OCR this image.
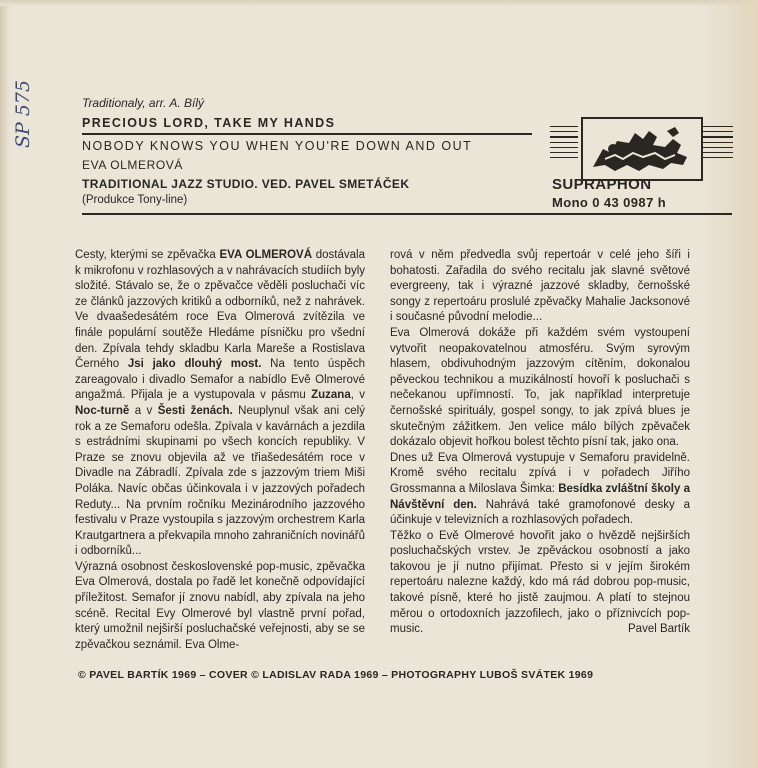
SP 575	Traditionaly, arr. A. Bílý

PRECIOUS LORD, TAKE MY HANDS
NOBODY KNOWS YOU WHEN YOU'RE DOWN AND OUT
EVA OLMEROVÁ
TRADITIONAL JAZZ STUDIO. VED. PAVEL SMETÁČEK
(Produkce Tony-line)
SUPRAPHON
Mono 0 43 0987 h

Cesty, kterými se zpěvačka EVA OLMEROVÁ dostávala k mikrofonu v rozhlasových a v nahrávacích studiích byly složité. Stávalo se, že o zpěvačce věděli posluchači víc ze článků jazzových kritiků a odborníků, než z nahrávek. Ve dvaašedesátém roce Eva Olmerová zvítězila ve finále populární soutěže Hledáme písničku pro všední den. Zpívala tehdy skladbu Karla Mareše a Rostislava Černého Jsi jako dlouhý most. Na tento úspěch zareagovalo i divadlo Semafor a nabídlo Evě Olmerové angažmá. Přijala je a vystupovala v pásmu Zuzana, v Noc-turně a v Šesti ženách. Neuplynul však ani celý rok a ze Semaforu odešla. Zpívala v kavárnách a jezdila s estrádními skupinami po všech koncích republiky. V Praze se znovu objevila až ve třiašedesátém roce v Divadle na Zábradlí. Zpívala zde s jazzovým triem Miši Poláka. Navíc občas účinkovala i v jazzových pořadech Reduty... Na prvním ročníku Mezinárodního jazzového festivalu v Praze vystoupila s jazzovým orchestrem Karla Krautgartnera a překvapila mnoho zahraničních novinářů i odborníků...
Výrazná osobnost československé pop-music, zpěvačka Eva Olmerová, dostala po řadě let konečně odpovídající příležitost. Semafor jí znovu nabídl, aby zpívala na jeho scéně. Recital Evy Olmerové byl vlastně první pořad, který umožnil nejširší posluchačské veřejnosti, aby se se zpěvačkou seznámil. Eva Olme-

rová v něm předvedla svůj repertoár v celé jeho šíři i bohatosti. Zařadila do svého recitalu jak slavné světové evergreeny, tak i výrazné jazzové skladby, černošské songy z repertoáru proslulé zpěvačky Mahalie Jacksonové i současné původní melodie...
Eva Olmerová dokáže při každém svém vystoupení vytvořit neopakovatelnou atmosféru. Svým syrovým hlasem, obdivuhodným jazzovým cítěním, dokonalou pěveckou technikou a muzikálností hovoří k posluchači s nečekanou upřímností. To, jak například interpretuje černošské spirituály, gospel songy, to jak zpívá blues je skutečným zážitkem. Jen velice málo bílých zpěvaček dokázalo objevit hořkou bolest těchto písní tak, jako ona.
Dnes už Eva Olmerová vystupuje v Semaforu pravidelně. Kromě svého recitalu zpívá i v pořadech Jiřího Grossmanna a Miloslava Šimka: Besídka zvláštní školy a Návštěvní den. Nahrává také gramofonové desky a účinkuje v televizních a rozhlasových pořadech.
Těžko o Evě Olmerové hovořit jako o hvězdě nejširších posluchačských vrstev. Je zpěváckou osobností a jako takovou je jí nutno přijímat. Přesto si v jejím širokém repertoáru nalezne každý, kdo má rád dobrou pop-music, takové písně, které ho jistě zaujmou. A platí to stejnou měrou o ortodoxních jazzofilech, jako o příznivcích pop-music.	Pavel Bartík

© PAVEL BARTÍK 1969 – COVER © LADISLAV RADA 1969 – PHOTOGRAPHY LUBOŠ SVÁTEK 1969
